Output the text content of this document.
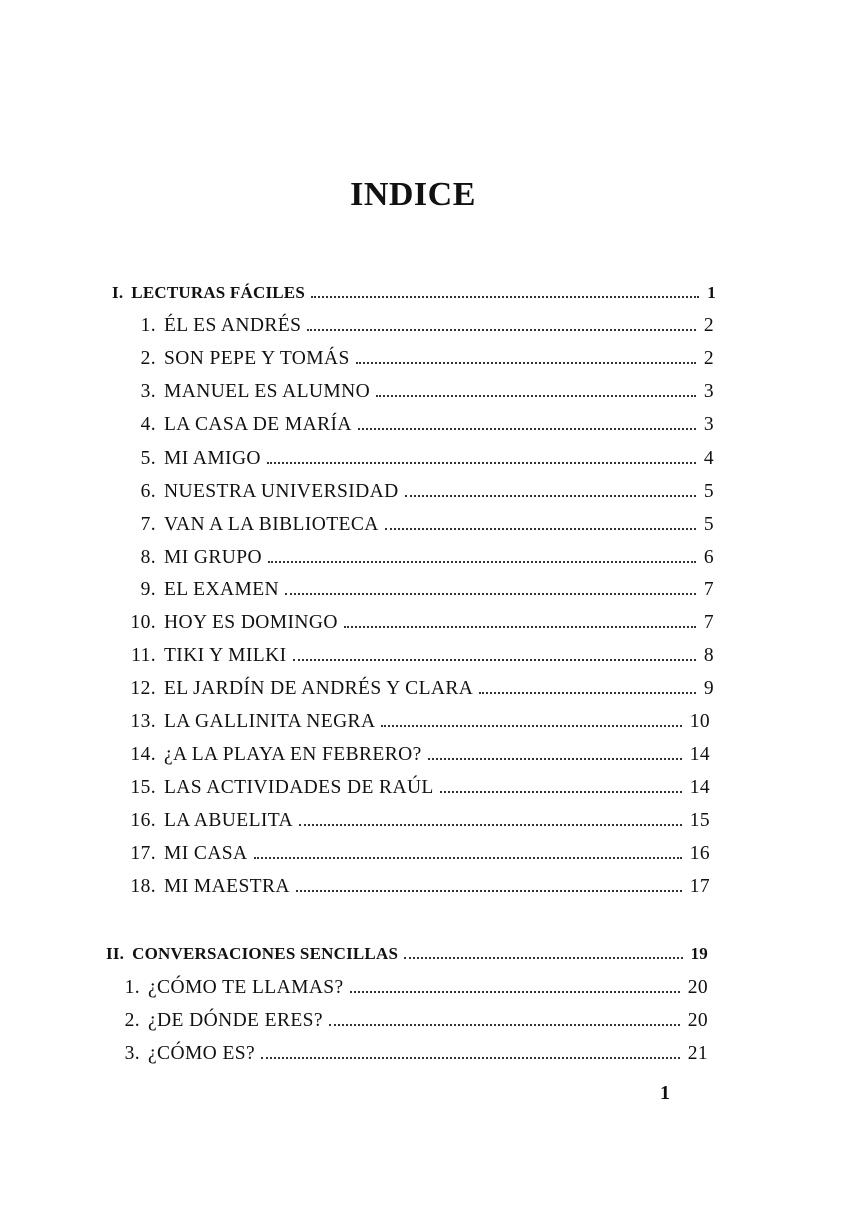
INDICE
I. LECTURAS FÁCILES	1
1. ÉL ES ANDRÉS	2
2. SON PEPE Y TOMÁS	2
3. MANUEL ES ALUMNO	3
4. LA CASA DE MARÍA	3
5. MI AMIGO	4
6. NUESTRA UNIVERSIDAD	5
7. VAN A LA BIBLIOTECA	5
8. MI GRUPO	6
9. EL EXAMEN	7
10. HOY ES DOMINGO	7
11. TIKI Y MILKI	8
12. EL JARDÍN DE ANDRÉS Y CLARA	9
13. LA GALLINITA NEGRA	10
14. ¿A LA PLAYA EN FEBRERO?	14
15. LAS ACTIVIDADES DE RAÚL	14
16. LA ABUELITA	15
17. MI CASA	16
18. MI MAESTRA	17
II. CONVERSACIONES SENCILLAS	19
1. ¿CÓMO TE LLAMAS?	20
2. ¿DE DÓNDE ERES?	20
3. ¿CÓMO ES?	21
1
